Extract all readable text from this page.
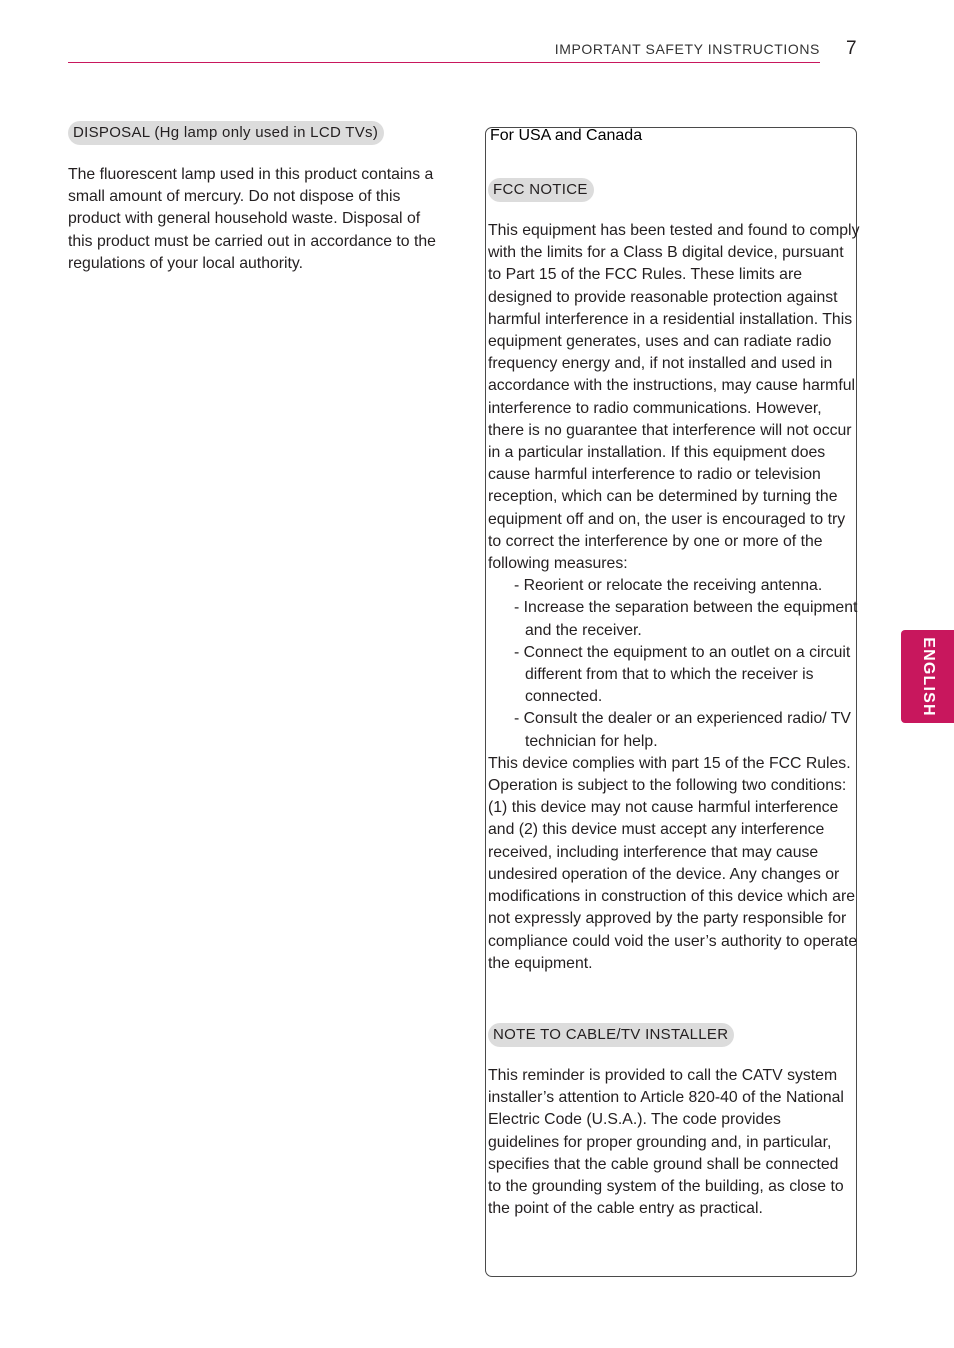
IMPORTANT SAFETY INSTRUCTIONS 7
ENGLISH
DISPOSAL (Hg lamp only used in LCD TVs)

The fluorescent lamp used in this product contains a small amount of mercury. Do not dispose of this product with general household waste. Disposal of this product must be carried out in accordance to the regulations of your local authority.

For USA and Canada
FCC NOTICE

This equipment has been tested and found to comply with the limits for a Class B digital device, pursuant to Part 15 of the FCC Rules. These limits are designed to provide reasonable protection against harmful interference in a residential installation. This equipment generates, uses and can radiate radio frequency energy and, if not installed and used in accordance with the instructions, may cause harmful interference to radio communications. However, there is no guarantee that interference will not occur in a particular installation. If this equipment does cause harmful interference to radio or television reception, which can be determined by turning the equipment off and on, the user is encouraged to try to correct the interference by one or more of the following measures:

- Reorient or relocate the receiving antenna.
- Increase the separation between the equipment and the receiver.
- Connect the equipment to an outlet on a circuit different from that to which the receiver is connected.
- Consult the dealer or an experienced radio/ TV technician for help.

This device complies with part 15 of the FCC Rules. Operation is subject to the following two conditions: (1) this device may not cause harmful interference and (2) this device must accept any interference received, including interference that may cause undesired operation of the device. Any changes or modifications in construction of this device which are not expressly approved by the party responsible for compliance could void the user’s authority to operate the equipment.

NOTE TO CABLE/TV INSTALLER

This reminder is provided to call the CATV system installer’s attention to Article 820-40 of the National Electric Code (U.S.A.). The code provides guidelines for proper grounding and, in particular, specifies that the cable ground shall be connected to the grounding system of the building, as close to the point of the cable entry as practical.
